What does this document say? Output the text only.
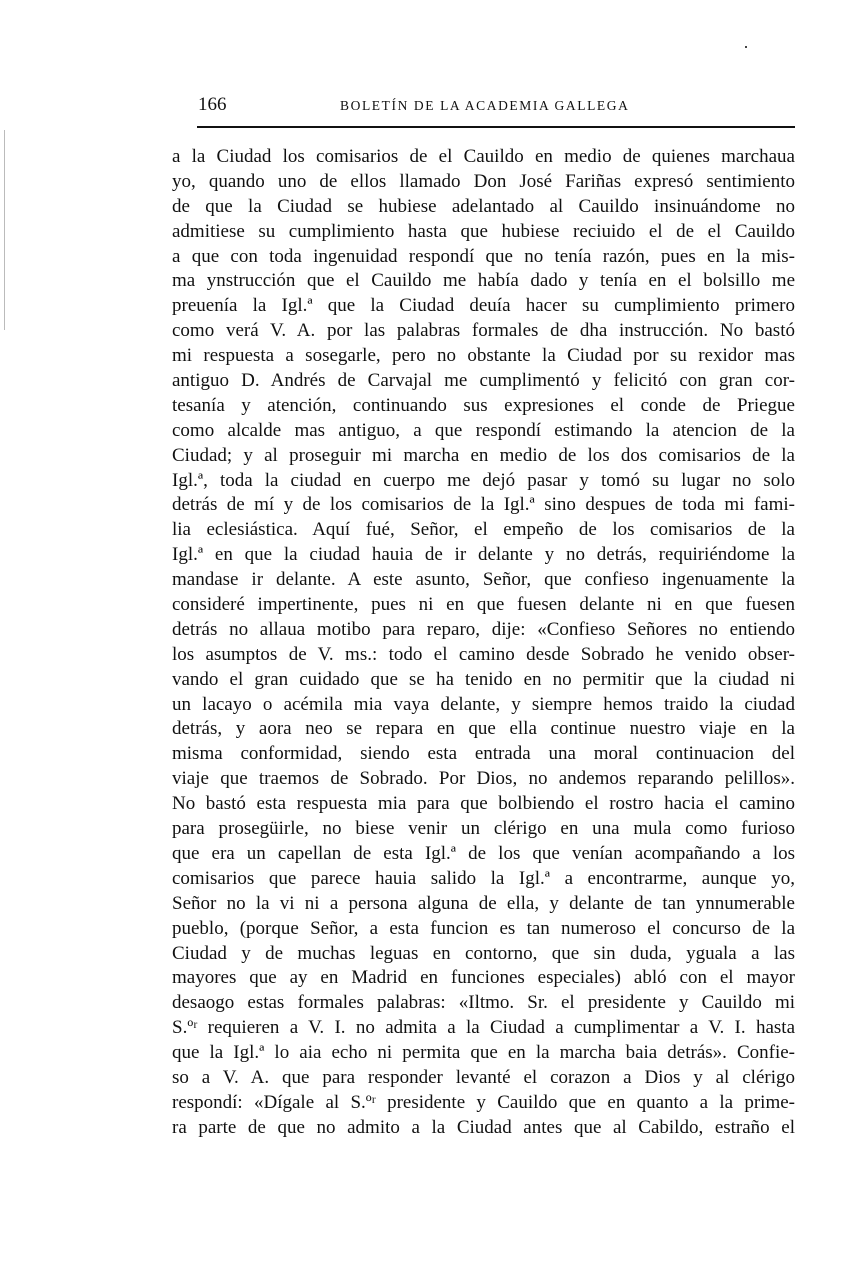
166	BOLETÍN DE LA ACADEMIA GALLEGA
a la Ciudad los comisarios de el Cauildo en medio de quienes marchaua
yo, quando uno de ellos llamado Don José Fariñas expresó sentimiento
de que la Ciudad se hubiese adelantado al Cauildo insinuándome no
admitiese su cumplimiento hasta que hubiese reciuido el de el Cauildo
a que con toda ingenuidad respondí que no tenía razón, pues en la mis-
ma ynstrucción que el Cauildo me había dado y tenía en el bolsillo me
preuenía la Igl.ª que la Ciudad deuía hacer su cumplimiento primero
como verá V. A. por las palabras formales de dha instrucción. No bastó
mi respuesta a sosegarle, pero no obstante la Ciudad por su rexidor mas
antiguo D. Andrés de Carvajal me cumplimentó y felicitó con gran cor-
tesanía y atención, continuando sus expresiones el conde de Priegue
como alcalde mas antiguo, a que respondí estimando la atencion de la
Ciudad; y al proseguir mi marcha en medio de los dos comisarios de la
Igl.ª, toda la ciudad en cuerpo me dejó pasar y tomó su lugar no solo
detrás de mí y de los comisarios de la Igl.ª sino despues de toda mi fami-
lia eclesiástica. Aquí fué, Señor, el empeño de los comisarios de la
Igl.ª en que la ciudad hauia de ir delante y no detrás, requiriéndome la
mandase ir delante. A este asunto, Señor, que confieso ingenuamente la
consideré impertinente, pues ni en que fuesen delante ni en que fuesen
detrás no allaua motibo para reparo, dije: «Confieso Señores no entiendo
los asumptos de V. ms.: todo el camino desde Sobrado he venido obser-
vando el gran cuidado que se ha tenido en no permitir que la ciudad ni
un lacayo o acémila mia vaya delante, y siempre hemos traido la ciudad
detrás, y aora neo se repara en que ella continue nuestro viaje en la
misma conformidad, siendo esta entrada una moral continuacion del
viaje que traemos de Sobrado. Por Dios, no andemos reparando pelillos».
No bastó esta respuesta mia para que bolbiendo el rostro hacia el camino
para prosegüirle, no biese venir un clérigo en una mula como furioso
que era un capellan de esta Igl.ª de los que venían acompañando a los
comisarios que parece hauia salido la Igl.ª a encontrarme, aunque yo,
Señor no la vi ni a persona alguna de ella, y delante de tan ynnumerable
pueblo, (porque Señor, a esta funcion es tan numeroso el concurso de la
Ciudad y de muchas leguas en contorno, que sin duda, yguala a las
mayores que ay en Madrid en funciones especiales) abló con el mayor
desaogo estas formales palabras: «Iltmo. Sr. el presidente y Cauildo mi
S.ºʳ requieren a V. I. no admita a la Ciudad a cumplimentar a V. I. hasta
que la Igl.ª lo aia echo ni permita que en la marcha baia detrás». Confie-
so a V. A. que para responder levanté el corazon a Dios y al clérigo
respondí: «Dígale al S.ºʳ presidente y Cauildo que en quanto a la prime-
ra parte de que no admito a la Ciudad antes que al Cabildo, estraño el
